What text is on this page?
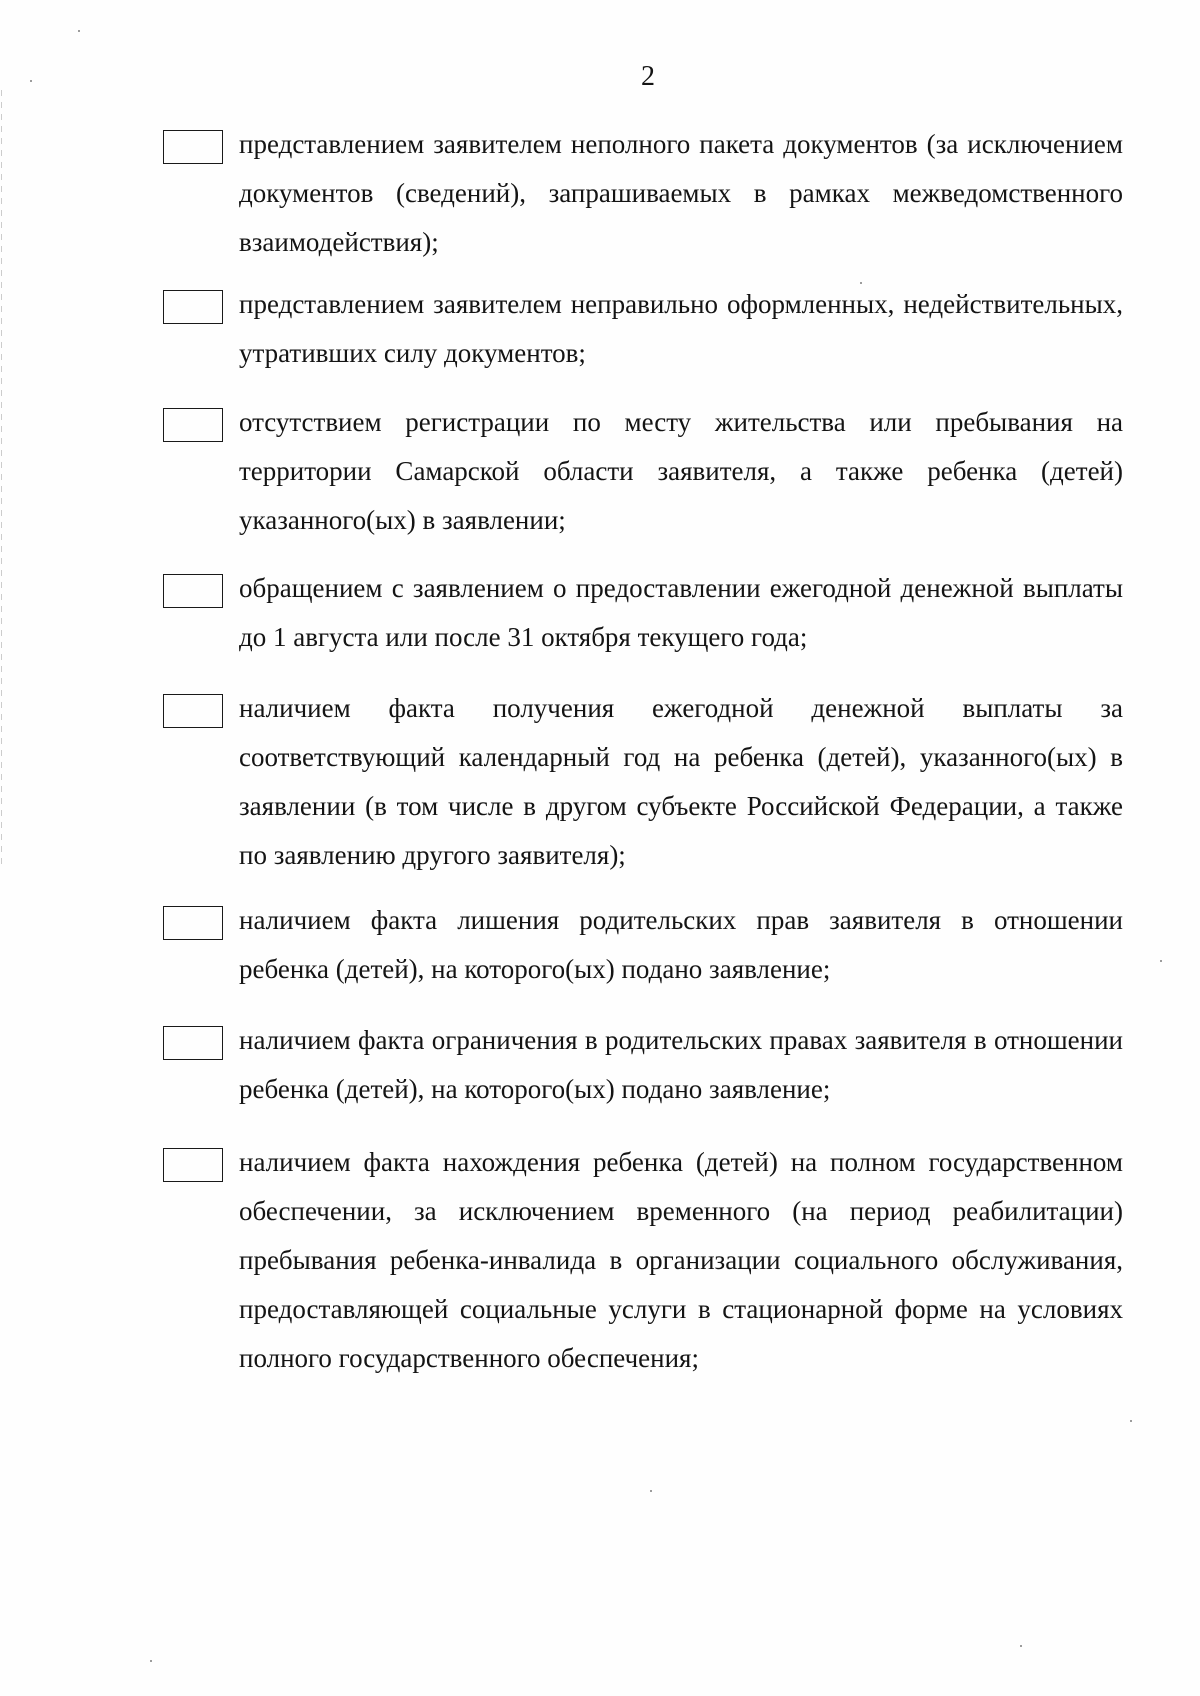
2
представлением заявителем неполного пакета документов (за исключением документов (сведений), запрашиваемых в рамках межведомственного взаимодействия);
представлением заявителем неправильно оформленных, недействительных, утративших силу документов;
отсутствием регистрации по месту жительства или пребывания на территории Самарской области заявителя, а также ребенка (детей) указанного(ых) в заявлении;
обращением с заявлением о предоставлении ежегодной денежной выплаты до 1 августа или после 31 октября текущего года;
наличием факта получения ежегодной денежной выплаты за соответствующий календарный год на ребенка (детей), указанного(ых) в заявлении (в том числе в другом субъекте Российской Федерации, а также по заявлению другого заявителя);
наличием факта лишения родительских прав заявителя в отношении ребенка (детей), на которого(ых) подано заявление;
наличием факта ограничения в родительских правах заявителя в отношении ребенка (детей), на которого(ых) подано заявление;
наличием факта нахождения ребенка (детей) на полном государственном обеспечении, за исключением временного (на период реабилитации) пребывания ребенка-инвалида в организации социального обслуживания, предоставляющей социальные услуги в стационарной форме на условиях полного государственного обеспечения;
